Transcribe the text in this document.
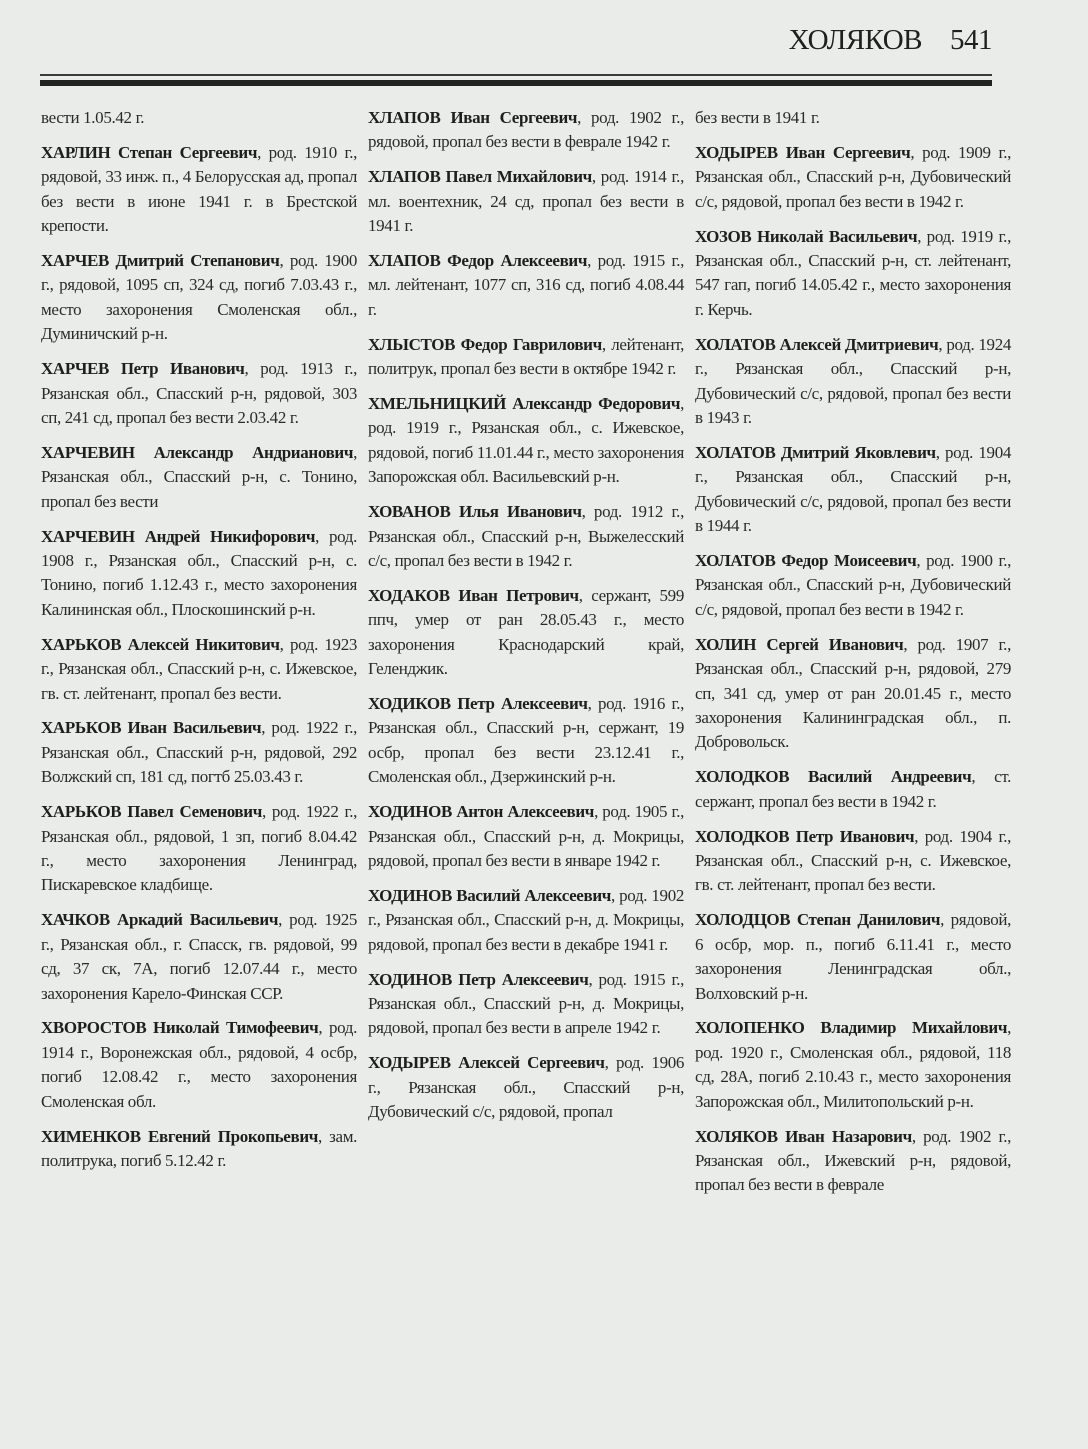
ХОЛЯКОВ 541

вести 1.05.42 г.

ХАРЛИН Степан Сергеевич, род. 1910 г., рядовой, 33 инж. п., 4 Белорусская ад, пропал без вести в июне 1941 г. в Брестской крепости.

ХАРЧЕВ Дмитрий Степанович, род. 1900 г., рядовой, 1095 сп, 324 сд, погиб 7.03.43 г., место захоронения Смоленская обл., Думиничский р-н.

ХАРЧЕВ Петр Иванович, род. 1913 г., Рязанская обл., Спасский р-н, рядовой, 303 сп, 241 сд, пропал без вести 2.03.42 г.

ХАРЧЕВИН Александр Андрианович, Рязанская обл., Спасский р-н, с. Тонино, пропал без вести

ХАРЧЕВИН Андрей Никифорович, род. 1908 г., Рязанская обл., Спасский р-н, с. Тонино, погиб 1.12.43 г., место захоронения Калининская обл., Плоскошинский р-н.

ХАРЬКОВ Алексей Никитович, род. 1923 г., Рязанская обл., Спасский р-н, с. Ижевское, гв. ст. лейтенант, пропал без вести.

ХАРЬКОВ Иван Васильевич, род. 1922 г., Рязанская обл., Спасский р-н, рядовой, 292 Волжский сп, 181 сд, погтб 25.03.43 г.

ХАРЬКОВ Павел Семенович, род. 1922 г., Рязанская обл., рядовой, 1 зп, погиб 8.04.42 г., место захоронения Ленинград, Пискаревское кладбище.

ХАЧКОВ Аркадий Васильевич, род. 1925 г., Рязанская обл., г. Спасск, гв. рядовой, 99 сд, 37 ск, 7А, погиб 12.07.44 г., место захоронения Карело-Финская ССР.

ХВОРОСТОВ Николай Тимофеевич, род. 1914 г., Воронежская обл., рядовой, 4 осбр, погиб 12.08.42 г., место захоронения Смоленская обл.

ХИМЕНКОВ Евгений Прокопьевич, зам. политрука, погиб 5.12.42 г.

ХЛАПОВ Иван Сергеевич, род. 1902 г., рядовой, пропал без вести в феврале 1942 г.

ХЛАПОВ Павел Михайлович, род. 1914 г., мл. воентехник, 24 сд, пропал без вести в 1941 г.

ХЛАПОВ Федор Алексеевич, род. 1915 г., мл. лейтенант, 1077 сп, 316 сд, погиб 4.08.44 г.

ХЛЫСТОВ Федор Гаврилович, лейтенант, политрук, пропал без вести в октябре 1942 г.

ХМЕЛЬНИЦКИЙ Александр Федорович, род. 1919 г., Рязанская обл., с. Ижевское, рядовой, погиб 11.01.44 г., место захоронения Запорожская обл. Васильевский р-н.

ХОВАНОВ Илья Иванович, род. 1912 г., Рязанская обл., Спасский р-н, Выжелесский с/с, пропал без вести в 1942 г.

ХОДАКОВ Иван Петрович, сержант, 599 ппч, умер от ран 28.05.43 г., место захоронения Краснодарский край, Геленджик.

ХОДИКОВ Петр Алексеевич, род. 1916 г., Рязанская обл., Спасский р-н, сержант, 19 осбр, пропал без вести 23.12.41 г., Смоленская обл., Дзержинский р-н.

ХОДИНОВ Антон Алексеевич, род. 1905 г., Рязанская обл., Спасский р-н, д. Мокрицы, рядовой, пропал без вести в январе 1942 г.

ХОДИНОВ Василий Алексеевич, род. 1902 г., Рязанская обл., Спасский р-н, д. Мокрицы, рядовой, пропал без вести в декабре 1941 г.

ХОДИНОВ Петр Алексеевич, род. 1915 г., Рязанская обл., Спасский р-н, д. Мокрицы, рядовой, пропал без вести в апреле 1942 г.

ХОДЫРЕВ Алексей Сергеевич, род. 1906 г., Рязанская обл., Спасский р-н, Дубовический с/с, рядовой, пропал

без вести в 1941 г.

ХОДЫРЕВ Иван Сергеевич, род. 1909 г., Рязанская обл., Спасский р-н, Дубовический с/с, рядовой, пропал без вести в 1942 г.

ХОЗОВ Николай Васильевич, род. 1919 г., Рязанская обл., Спасский р-н, ст. лейтенант, 547 гап, погиб 14.05.42 г., место захоронения г. Керчь.

ХОЛАТОВ Алексей Дмитриевич, род. 1924 г., Рязанская обл., Спасский р-н, Дубовический с/с, рядовой, пропал без вести в 1943 г.

ХОЛАТОВ Дмитрий Яковлевич, род. 1904 г., Рязанская обл., Спасский р-н, Дубовический с/с, рядовой, пропал без вести в 1944 г.

ХОЛАТОВ Федор Моисеевич, род. 1900 г., Рязанская обл., Спасский р-н, Дубовический с/с, рядовой, пропал без вести в 1942 г.

ХОЛИН Сергей Иванович, род. 1907 г., Рязанская обл., Спасский р-н, рядовой, 279 сп, 341 сд, умер от ран 20.01.45 г., место захоронения Калининградская обл., п. Добровольск.

ХОЛОДКОВ Василий Андреевич, ст. сержант, пропал без вести в 1942 г.

ХОЛОДКОВ Петр Иванович, род. 1904 г., Рязанская обл., Спасский р-н, с. Ижевское, гв. ст. лейтенант, пропал без вести.

ХОЛОДЦОВ Степан Данилович, рядовой, 6 осбр, мор. п., погиб 6.11.41 г., место захоронения Ленинградская обл., Волховский р-н.

ХОЛОПЕНКО Владимир Михайлович, род. 1920 г., Смоленская обл., рядовой, 118 сд, 28А, погиб 2.10.43 г., место захоронения Запорожская обл., Милитопольский р-н.

ХОЛЯКОВ Иван Назарович, род. 1902 г., Рязанская обл., Ижевский р-н, рядовой, пропал без вести в феврале
